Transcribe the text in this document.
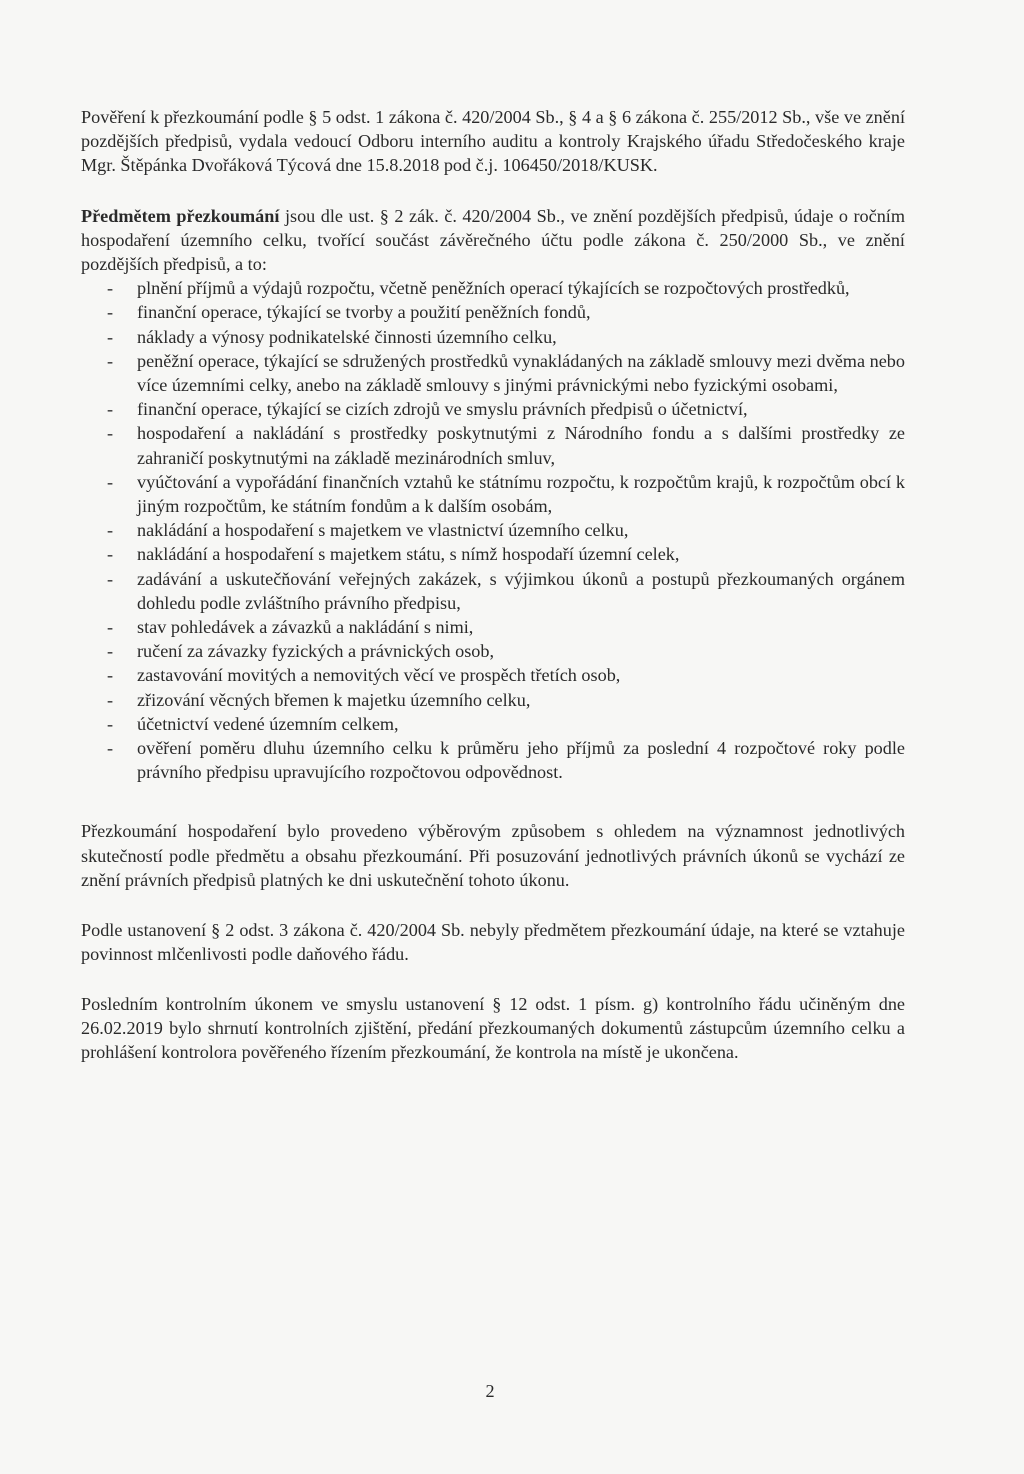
Pověření k přezkoumání podle § 5 odst. 1 zákona č. 420/2004 Sb., § 4 a § 6 zákona č. 255/2012 Sb., vše ve znění pozdějších předpisů, vydala vedoucí Odboru interního auditu a kontroly Krajského úřadu Středočeského kraje Mgr. Štěpánka Dvořáková Týcová dne 15.8.2018 pod č.j. 106450/2018/KUSK.

Předmětem přezkoumání jsou dle ust. § 2 zák. č. 420/2004 Sb., ve znění pozdějších předpisů, údaje o ročním hospodaření územního celku, tvořící součást závěrečného účtu podle zákona č. 250/2000 Sb., ve znění pozdějších předpisů, a to:

- plnění příjmů a výdajů rozpočtu, včetně peněžních operací týkajících se rozpočtových prostředků,
- finanční operace, týkající se tvorby a použití peněžních fondů,
- náklady a výnosy podnikatelské činnosti územního celku,
- peněžní operace, týkající se sdružených prostředků vynakládaných na základě smlouvy mezi dvěma nebo více územními celky, anebo na základě smlouvy s jinými právnickými nebo fyzickými osobami,
- finanční operace, týkající se cizích zdrojů ve smyslu právních předpisů o účetnictví,
- hospodaření a nakládání s prostředky poskytnutými z Národního fondu a s dalšími prostředky ze zahraničí poskytnutými na základě mezinárodních smluv,
- vyúčtování a vypořádání finančních vztahů ke státnímu rozpočtu, k rozpočtům krajů, k rozpočtům obcí k jiným rozpočtům, ke státním fondům a k dalším osobám,
- nakládání a hospodaření s majetkem ve vlastnictví územního celku,
- nakládání a hospodaření s majetkem státu, s nímž hospodaří územní celek,
- zadávání a uskutečňování veřejných zakázek, s výjimkou úkonů a postupů přezkoumaných orgánem dohledu podle zvláštního právního předpisu,
- stav pohledávek a závazků a nakládání s nimi,
- ručení za závazky fyzických a právnických osob,
- zastavování movitých a nemovitých věcí ve prospěch třetích osob,
- zřizování věcných břemen k majetku územního celku,
- účetnictví vedené územním celkem,
- ověření poměru dluhu územního celku k průměru jeho příjmů za poslední 4 rozpočtové roky podle právního předpisu upravujícího rozpočtovou odpovědnost.

Přezkoumání hospodaření bylo provedeno výběrovým způsobem s ohledem na významnost jednotlivých skutečností podle předmětu a obsahu přezkoumání. Při posuzování jednotlivých právních úkonů se vychází ze znění právních předpisů platných ke dni uskutečnění tohoto úkonu.

Podle ustanovení § 2 odst. 3 zákona č. 420/2004 Sb. nebyly předmětem přezkoumání údaje, na které se vztahuje povinnost mlčenlivosti podle daňového řádu.

Posledním kontrolním úkonem ve smyslu ustanovení § 12 odst. 1 písm. g) kontrolního řádu učiněným dne 26.02.2019 bylo shrnutí kontrolních zjištění, předání přezkoumaných dokumentů zástupcům územního celku a prohlášení kontrolora pověřeného řízením přezkoumání, že kontrola na místě je ukončena.

2
